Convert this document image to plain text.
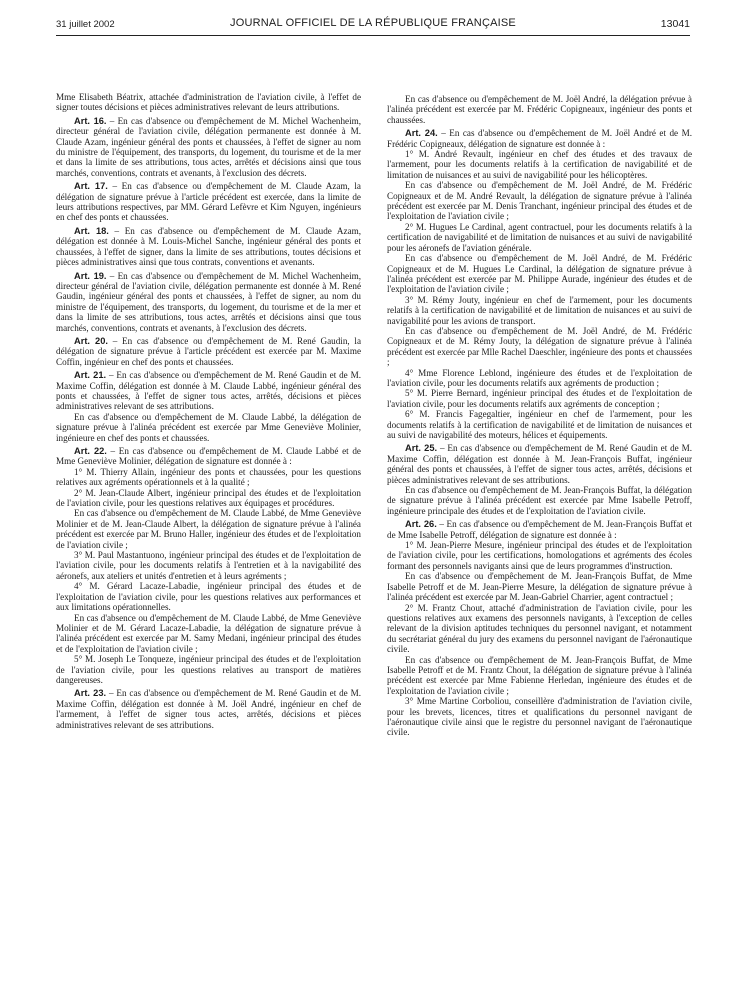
31 juillet 2002	JOURNAL OFFICIEL DE LA RÉPUBLIQUE FRANÇAISE	13041

Mme Elisabeth Béatrix, attachée d'administration de l'aviation civile, à l'effet de signer toutes décisions et pièces administratives relevant de leurs attributions.

Art. 16. – En cas d'absence ou d'empêchement de M. Michel Wachenheim, directeur général de l'aviation civile, délégation permanente est donnée à M. Claude Azam, ingénieur général des ponts et chaussées, à l'effet de signer au nom du ministre de l'équipement, des transports, du logement, du tourisme et de la mer et dans la limite de ses attributions, tous actes, arrêtés et décisions ainsi que tous marchés, conventions, contrats et avenants, à l'exclusion des décrets.

Art. 17. – En cas d'absence ou d'empêchement de M. Claude Azam, la délégation de signature prévue à l'article précédent est exercée, dans la limite de leurs attributions respectives, par MM. Gérard Lefèvre et Kim Nguyen, ingénieurs en chef des ponts et chaussées.

Art. 18. – En cas d'absence ou d'empêchement de M. Claude Azam, délégation est donnée à M. Louis-Michel Sanche, ingénieur général des ponts et chaussées, à l'effet de signer, dans la limite de ses attributions, toutes décisions et pièces administratives ainsi que tous contrats, conventions et avenants.

Art. 19. – En cas d'absence ou d'empêchement de M. Michel Wachenheim, directeur général de l'aviation civile, délégation permanente est donnée à M. René Gaudin, ingénieur général des ponts et chaussées, à l'effet de signer, au nom du ministre de l'équipement, des transports, du logement, du tourisme et de la mer et dans la limite de ses attributions, tous actes, arrêtés et décisions ainsi que tous marchés, conventions, contrats et avenants, à l'exclusion des décrets.

Art. 20. – En cas d'absence ou d'empêchement de M. René Gaudin, la délégation de signature prévue à l'article précédent est exercée par M. Maxime Coffin, ingénieur en chef des ponts et chaussées.

Art. 21. – En cas d'absence ou d'empêchement de M. René Gaudin et de M. Maxime Coffin, délégation est donnée à M. Claude Labbé, ingénieur général des ponts et chaussées, à l'effet de signer tous actes, arrêtés, décisions et pièces administratives relevant de ses attributions.

En cas d'absence ou d'empêchement de M. Claude Labbé, la délégation de signature prévue à l'alinéa précédent est exercée par Mme Geneviève Molinier, ingénieure en chef des ponts et chaussées.

Art. 22. – En cas d'absence ou d'empêchement de M. Claude Labbé et de Mme Geneviève Molinier, délégation de signature est donnée à :

1° M. Thierry Allain, ingénieur des ponts et chaussées, pour les questions relatives aux agréments opérationnels et à la qualité ;

2° M. Jean-Claude Albert, ingénieur principal des études et de l'exploitation de l'aviation civile, pour les questions relatives aux équipages et procédures.

En cas d'absence ou d'empêchement de M. Claude Labbé, de Mme Geneviève Molinier et de M. Jean-Claude Albert, la délégation de signature prévue à l'alinéa précédent est exercée par M. Bruno Haller, ingénieur des études et de l'exploitation de l'aviation civile ;

3° M. Paul Mastantuono, ingénieur principal des études et de l'exploitation de l'aviation civile, pour les documents relatifs à l'entretien et à la navigabilité des aéronefs, aux ateliers et unités d'entretien et à leurs agréments ;

4° M. Gérard Lacaze-Labadie, ingénieur principal des études et de l'exploitation de l'aviation civile, pour les questions relatives aux performances et aux limitations opérationnelles.

En cas d'absence ou d'empêchement de M. Claude Labbé, de Mme Geneviève Molinier et de M. Gérard Lacaze-Labadie, la délégation de signature prévue à l'alinéa précédent est exercée par M. Samy Medani, ingénieur principal des études et de l'exploitation de l'aviation civile ;

5° M. Joseph Le Tonqueze, ingénieur principal des études et de l'exploitation de l'aviation civile, pour les questions relatives au transport de matières dangereuses.

Art. 23. – En cas d'absence ou d'empêchement de M. René Gaudin et de M. Maxime Coffin, délégation est donnée à M. Joël André, ingénieur en chef de l'armement, à l'effet de signer tous actes, arrêtés, décisions et pièces administratives relevant de ses attributions.

En cas d'absence ou d'empêchement de M. Joël André, la délégation prévue à l'alinéa précédent est exercée par M. Frédéric Copigneaux, ingénieur des ponts et chaussées.

Art. 24. – En cas d'absence ou d'empêchement de M. Joël André et de M. Frédéric Copigneaux, délégation de signature est donnée à :

1° M. André Revault, ingénieur en chef des études et des travaux de l'armement, pour les documents relatifs à la certification de navigabilité et de limitation de nuisances et au suivi de navigabilité pour les hélicoptères.

En cas d'absence ou d'empêchement de M. Joël André, de M. Frédéric Copigneaux et de M. André Revault, la délégation de signature prévue à l'alinéa précédent est exercée par M. Denis Tranchant, ingénieur principal des études et de l'exploitation de l'aviation civile ;

2° M. Hugues Le Cardinal, agent contractuel, pour les documents relatifs à la certification de navigabilité et de limitation de nuisances et au suivi de navigabilité pour les aéronefs de l'aviation générale.

En cas d'absence ou d'empêchement de M. Joël André, de M. Frédéric Copigneaux et de M. Hugues Le Cardinal, la délégation de signature prévue à l'alinéa précédent est exercée par M. Philippe Aurade, ingénieur des études et de l'exploitation de l'aviation civile ;

3° M. Rémy Jouty, ingénieur en chef de l'armement, pour les documents relatifs à la certification de navigabilité et de limitation de nuisances et au suivi de navigabilité pour les avions de transport.

En cas d'absence ou d'empêchement de M. Joël André, de M. Frédéric Copigneaux et de M. Rémy Jouty, la délégation de signature prévue à l'alinéa précédent est exercée par Mlle Rachel Daeschler, ingénieure des ponts et chaussées ;

4° Mme Florence Leblond, ingénieure des études et de l'exploitation de l'aviation civile, pour les documents relatifs aux agréments de production ;

5° M. Pierre Bernard, ingénieur principal des études et de l'exploitation de l'aviation civile, pour les documents relatifs aux agréments de conception ;

6° M. Francis Fagegaltier, ingénieur en chef de l'armement, pour les documents relatifs à la certification de navigabilité et de limitation de nuisances et au suivi de navigabilité des moteurs, hélices et équipements.

Art. 25. – En cas d'absence ou d'empêchement de M. René Gaudin et de M. Maxime Coffin, délégation est donnée à M. Jean-François Buffat, ingénieur général des ponts et chaussées, à l'effet de signer tous actes, arrêtés, décisions et pièces administratives relevant de ses attributions.

En cas d'absence ou d'empêchement de M. Jean-François Buffat, la délégation de signature prévue à l'alinéa précédent est exercée par Mme Isabelle Petroff, ingénieure principale des études et de l'exploitation de l'aviation civile.

Art. 26. – En cas d'absence ou d'empêchement de M. Jean-François Buffat et de Mme Isabelle Petroff, délégation de signature est donnée à :

1° M. Jean-Pierre Mesure, ingénieur principal des études et de l'exploitation de l'aviation civile, pour les certifications, homologations et agréments des écoles formant des personnels navigants ainsi que de leurs programmes d'instruction.

En cas d'absence ou d'empêchement de M. Jean-François Buffat, de Mme Isabelle Petroff et de M. Jean-Pierre Mesure, la délégation de signature prévue à l'alinéa précédent est exercée par M. Jean-Gabriel Charrier, agent contractuel ;

2° M. Frantz Chout, attaché d'administration de l'aviation civile, pour les questions relatives aux examens des personnels navigants, à l'exception de celles relevant de la division aptitudes techniques du personnel navigant, et notamment du secrétariat général du jury des examens du personnel navigant de l'aéronautique civile.

En cas d'absence ou d'empêchement de M. Jean-François Buffat, de Mme Isabelle Petroff et de M. Frantz Chout, la délégation de signature prévue à l'alinéa précédent est exercée par Mme Fabienne Herledan, ingénieure des études et de l'exploitation de l'aviation civile ;

3° Mme Martine Corboliou, conseillère d'administration de l'aviation civile, pour les brevets, licences, titres et qualifications du personnel navigant de l'aéronautique civile ainsi que le registre du personnel navigant de l'aéronautique civile.
